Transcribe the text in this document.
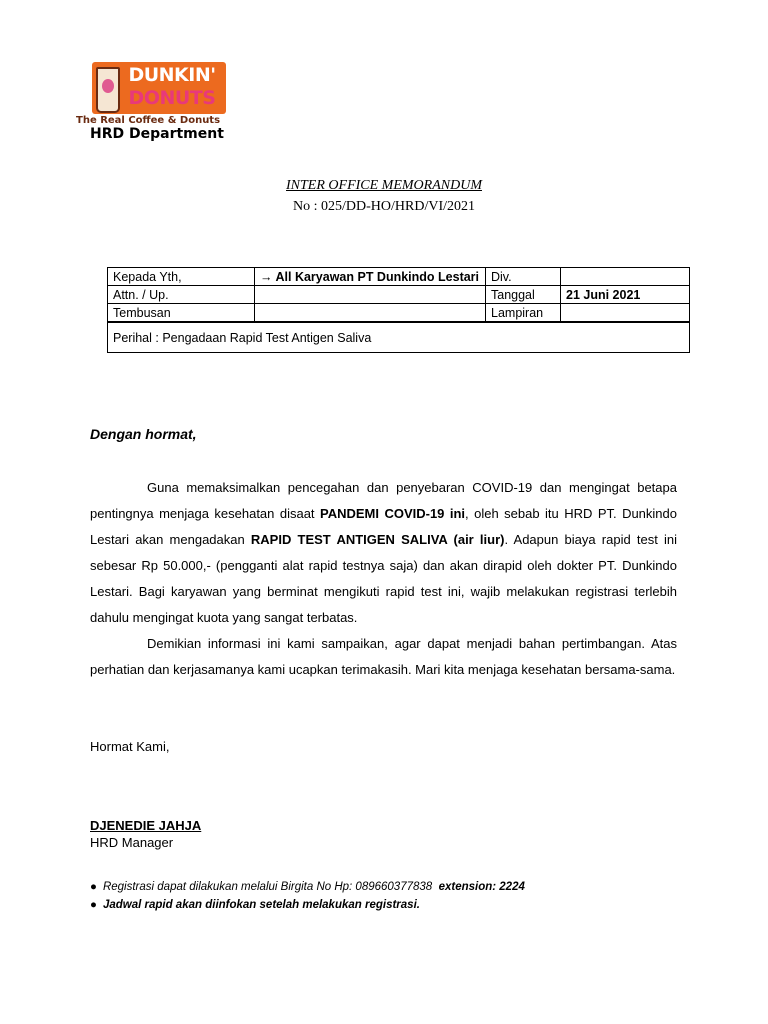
DUNKIN'
DONUTS
The Real Coffee & Donuts
HRD Department
INTER OFFICE MEMORANDUM
No : 025/DD-HO/HRD/VI/2021
Kepada Yth,	→ All Karyawan PT Dunkindo Lestari	Div.	
Attn. / Up.		Tanggal	21 Juni 2021
Tembusan		Lampiran	
Perihal : Pengadaan Rapid Test Antigen Saliva			
Dengan hormat,

Guna memaksimalkan pencegahan dan penyebaran COVID-19 dan mengingat betapa pentingnya menjaga kesehatan disaat PANDEMI COVID-19 ini, oleh sebab itu HRD PT. Dunkindo Lestari akan mengadakan RAPID TEST ANTIGEN SALIVA (air liur). Adapun biaya rapid test ini sebesar Rp 50.000,- (pengganti alat rapid testnya saja) dan akan dirapid oleh dokter PT. Dunkindo Lestari. Bagi karyawan yang berminat mengikuti rapid test ini, wajib melakukan registrasi terlebih dahulu mengingat kuota yang sangat terbatas.

Demikian informasi ini kami sampaikan, agar dapat menjadi bahan pertimbangan. Atas perhatian dan kerjasamanya kami ucapkan terimakasih. Mari kita menjaga kesehatan bersama-sama.

Hormat Kami,
DJENEDIE JAHJA
HRD Manager
● Registrasi dapat dilakukan melalui Birgita No Hp: 089660377838 extension: 2224
● Jadwal rapid akan diinfokan setelah melakukan registrasi.
